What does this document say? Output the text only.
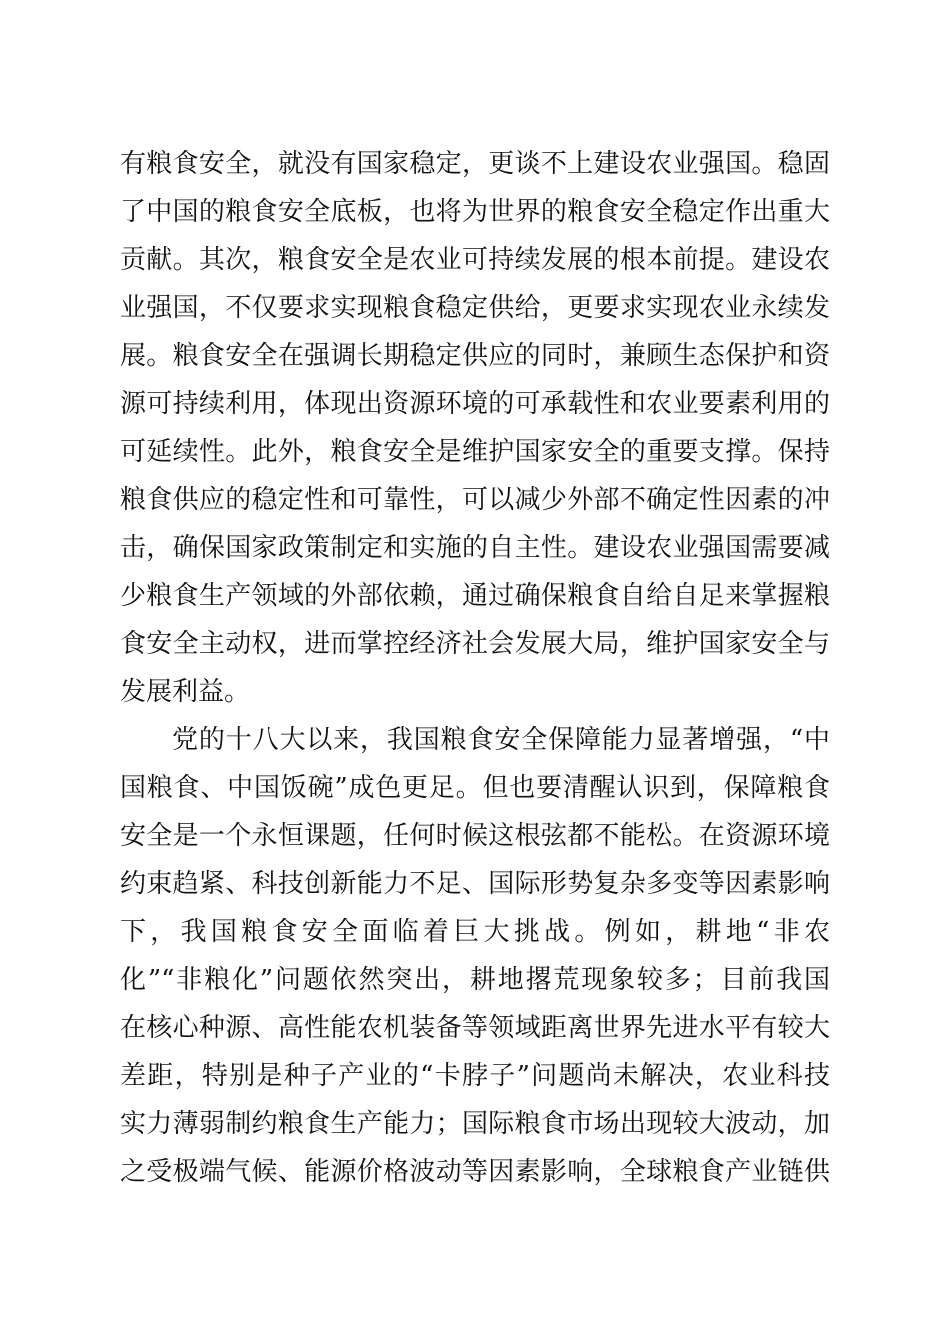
有粮食安全，就没有国家稳定，更谈不上建设农业强国。稳固
了中国的粮食安全底板，也将为世界的粮食安全稳定作出重大
贡献。其次，粮食安全是农业可持续发展的根本前提。建设农
业强国，不仅要求实现粮食稳定供给，更要求实现农业永续发
展。粮食安全在强调长期稳定供应的同时，兼顾生态保护和资
源可持续利用，体现出资源环境的可承载性和农业要素利用的
可延续性。此外，粮食安全是维护国家安全的重要支撑。保持
粮食供应的稳定性和可靠性，可以减少外部不确定性因素的冲
击，确保国家政策制定和实施的自主性。建设农业强国需要减
少粮食生产领域的外部依赖，通过确保粮食自给自足来掌握粮
食安全主动权，进而掌控经济社会发展大局，维护国家安全与
发展利益。
党的十八大以来，我国粮食安全保障能力显著增强，“中
国粮食、中国饭碗”成色更足。但也要清醒认识到，保障粮食
安全是一个永恒课题，任何时候这根弦都不能松。在资源环境
约束趋紧、科技创新能力不足、国际形势复杂多变等因素影响
下，我国粮食安全面临着巨大挑战。例如，耕地“非农
化”“非粮化”问题依然突出，耕地撂荒现象较多；目前我国
在核心种源、高性能农机装备等领域距离世界先进水平有较大
差距，特别是种子产业的“卡脖子”问题尚未解决，农业科技
实力薄弱制约粮食生产能力；国际粮食市场出现较大波动，加
之受极端气候、能源价格波动等因素影响，全球粮食产业链供
